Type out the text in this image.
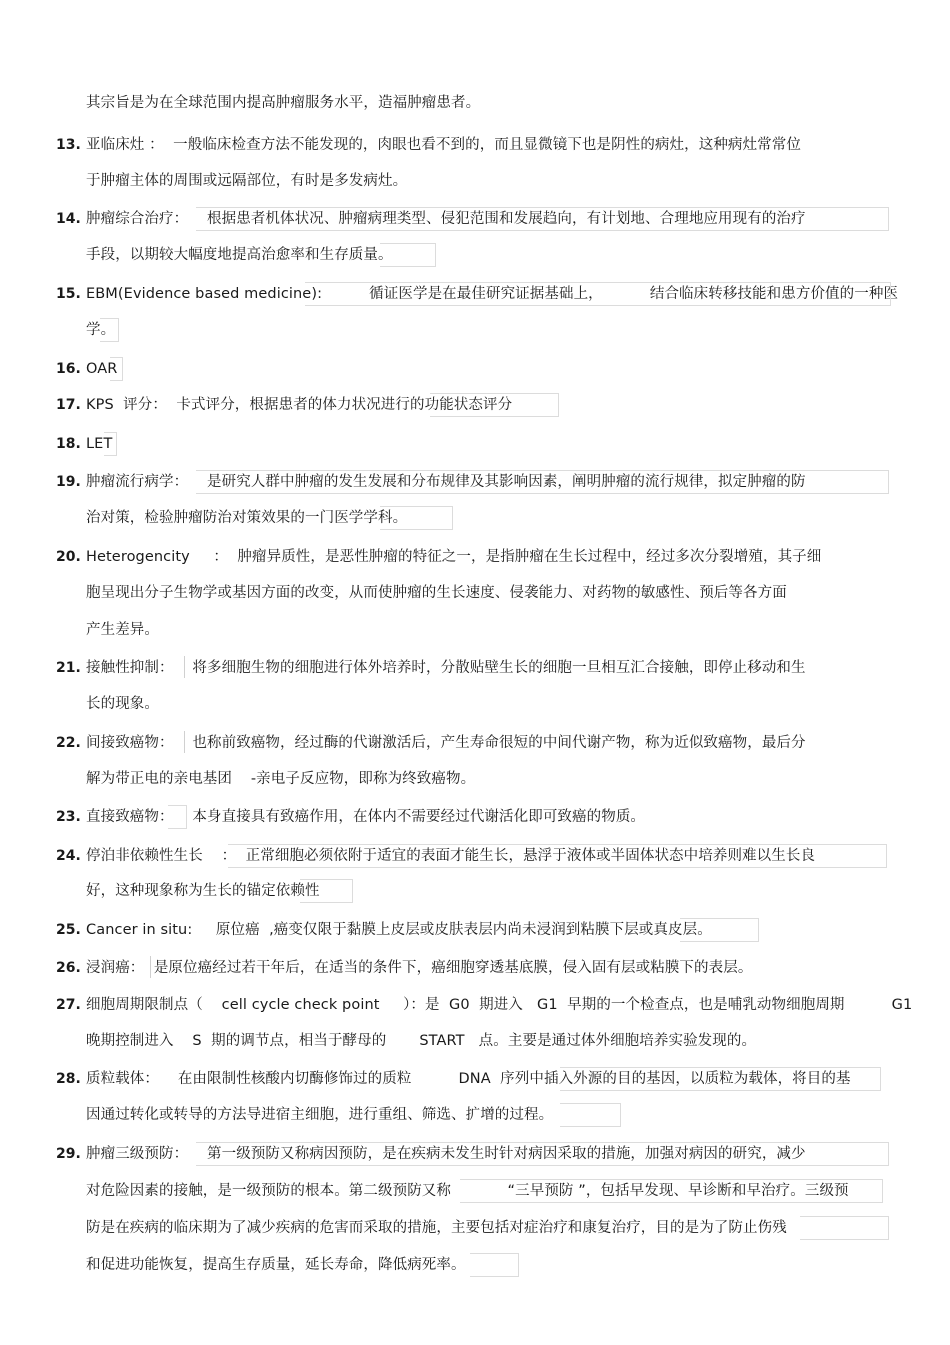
其宗旨是为在全球范围内提高肿瘤服务水平，造福肿瘤患者。
13. 亚临床灶 ：  一般临床检查方法不能发现的，肉眼也看不到的，而且显微镜下也是阴性的病灶，这种病灶常常位
于肿瘤主体的周围或远隔部位，有时是多发病灶。
14. 肿瘤综合治疗：    根据患者机体状况、肿瘤病理类型、侵犯范围和发展趋向，有计划地、合理地应用现有的治疗
手段，以期较大幅度地提高治愈率和生存质量。
15. EBM(Evidence based medicine):          循证医学是在最佳研究证据基础上，          结合临床转移技能和患方价值的一种医
学。
16. OAR
17. KPS  评分：  卡式评分，根据患者的体力状况进行的功能状态评分
18. LET
19. 肿瘤流行病学：    是研究人群中肿瘤的发生发展和分布规律及其影响因素，阐明肿瘤的流行规律，拟定肿瘤的防
治对策，检验肿瘤防治对策效果的一门医学学科。
20. Heterogencity     ：  肿瘤异质性，是恶性肿瘤的特征之一，是指肿瘤在生长过程中，经过多次分裂增殖，其子细
胞呈现出分子生物学或基因方面的改变，从而使肿瘤的生长速度、侵袭能力、对药物的敏感性、预后等各方面
产生差异。
21. 接触性抑制：    将多细胞生物的细胞进行体外培养时，分散贴壁生长的细胞一旦相互汇合接触，即停止移动和生
长的现象。
22. 间接致癌物：    也称前致癌物，经过酶的代谢激活后，产生寿命很短的中间代谢产物，称为近似致癌物，最后分
解为带正电的亲电基团    -亲电子反应物，即称为终致癌物。
23. 直接致癌物：    本身直接具有致癌作用，在体内不需要经过代谢活化即可致癌的物质。
24. 停泊非依赖性生长    ：  正常细胞必须依附于适宜的表面才能生长，悬浮于液体或半固体状态中培养则难以生长良
好，这种现象称为生长的锚定依赖性
25. Cancer in situ:     原位癌  ,癌变仅限于黏膜上皮层或皮肤表层内尚未浸润到粘膜下层或真皮层。
26. 浸润癌：  是原位癌经过若干年后，在适当的条件下，癌细胞穿透基底膜，侵入固有层或粘膜下的表层。
27. 细胞周期限制点（    cell cycle check point     ）：是  G0  期进入   G1  早期的一个检查点，也是哺乳动物细胞周期          G1
晚期控制进入    S  期的调节点，相当于酵母的       START   点。主要是通过体外细胞培养实验发现的。
28. 质粒载体：    在由限制性核酸内切酶修饰过的质粒          DNA  序列中插入外源的目的基因，以质粒为载体，将目的基
因通过转化或转导的方法导进宿主细胞，进行重组、筛选、扩增的过程。
29. 肿瘤三级预防：    第一级预防又称病因预防，是在疾病未发生时针对病因采取的措施，加强对病因的研究，减少
对危险因素的接触，是一级预防的根本。第二级预防又称            “三早预防 ”，包括早发现、早诊断和早治疗。三级预
防是在疾病的临床期为了减少疾病的危害而采取的措施，主要包括对症治疗和康复治疗，目的是为了防止伤残
和促进功能恢复，提高生存质量，延长寿命，降低病死率。
